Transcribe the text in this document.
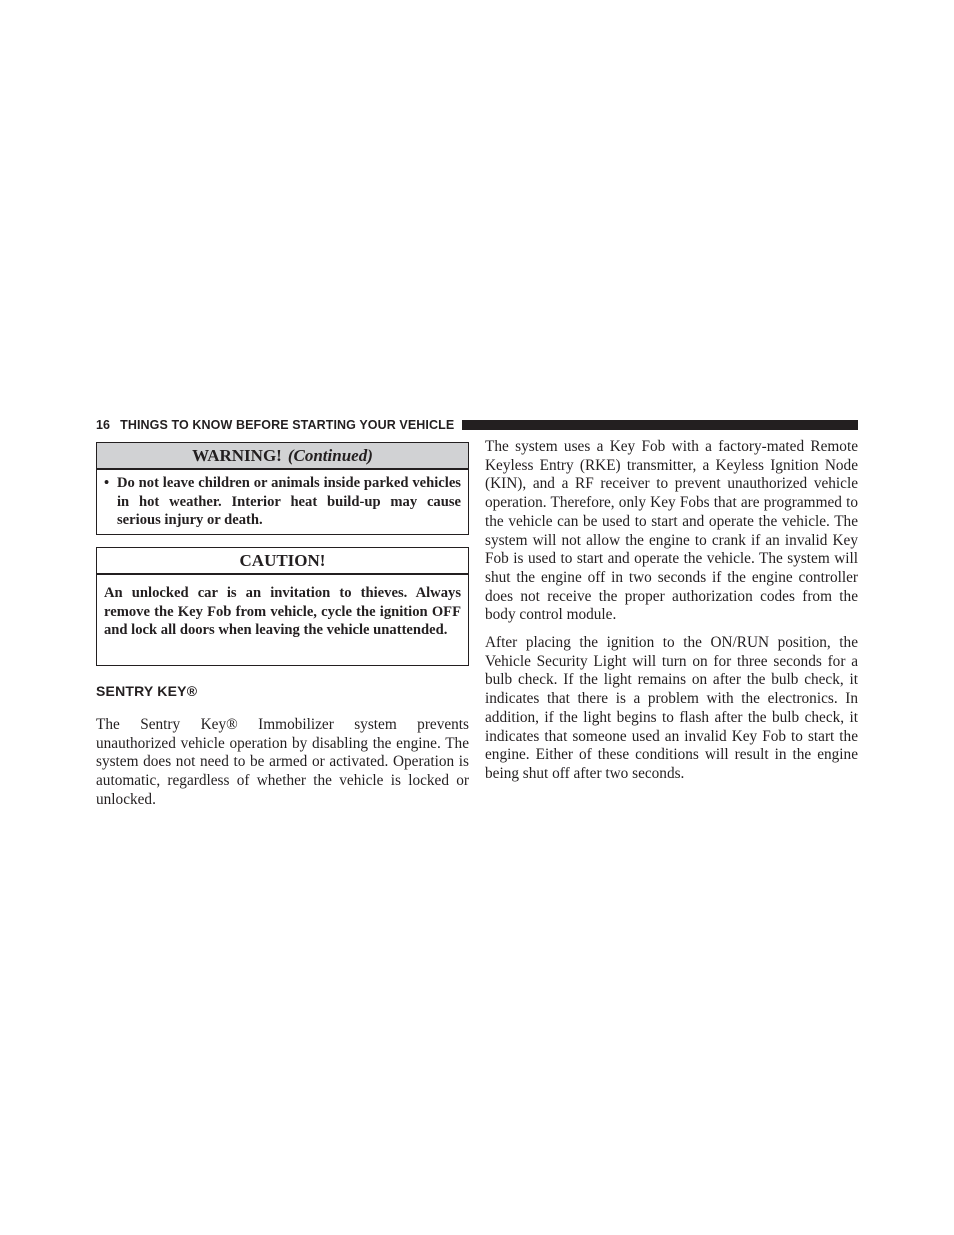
16 THINGS TO KNOW BEFORE STARTING YOUR VEHICLE
WARNING! (Continued)
• Do not leave children or animals inside parked vehicles in hot weather. Interior heat build-up may cause serious injury or death.
CAUTION!
An unlocked car is an invitation to thieves. Always remove the Key Fob from vehicle, cycle the ignition OFF and lock all doors when leaving the vehicle unattended.
SENTRY KEY®

The Sentry Key® Immobilizer system prevents unauthorized vehicle operation by disabling the engine. The system does not need to be armed or activated. Operation is automatic, regardless of whether the vehicle is locked or unlocked.

The system uses a Key Fob with a factory-mated Remote Keyless Entry (RKE) transmitter, a Keyless Ignition Node (KIN), and a RF receiver to prevent unauthorized vehicle operation. Therefore, only Key Fobs that are programmed to the vehicle can be used to start and operate the vehicle. The system will not allow the engine to crank if an invalid Key Fob is used to start and operate the vehicle. The system will shut the engine off in two seconds if the engine controller does not receive the proper authorization codes from the body control module.

After placing the ignition to the ON/RUN position, the Vehicle Security Light will turn on for three seconds for a bulb check. If the light remains on after the bulb check, it indicates that there is a problem with the electronics. In addition, if the light begins to flash after the bulb check, it indicates that someone used an invalid Key Fob to start the engine. Either of these conditions will result in the engine being shut off after two seconds.
